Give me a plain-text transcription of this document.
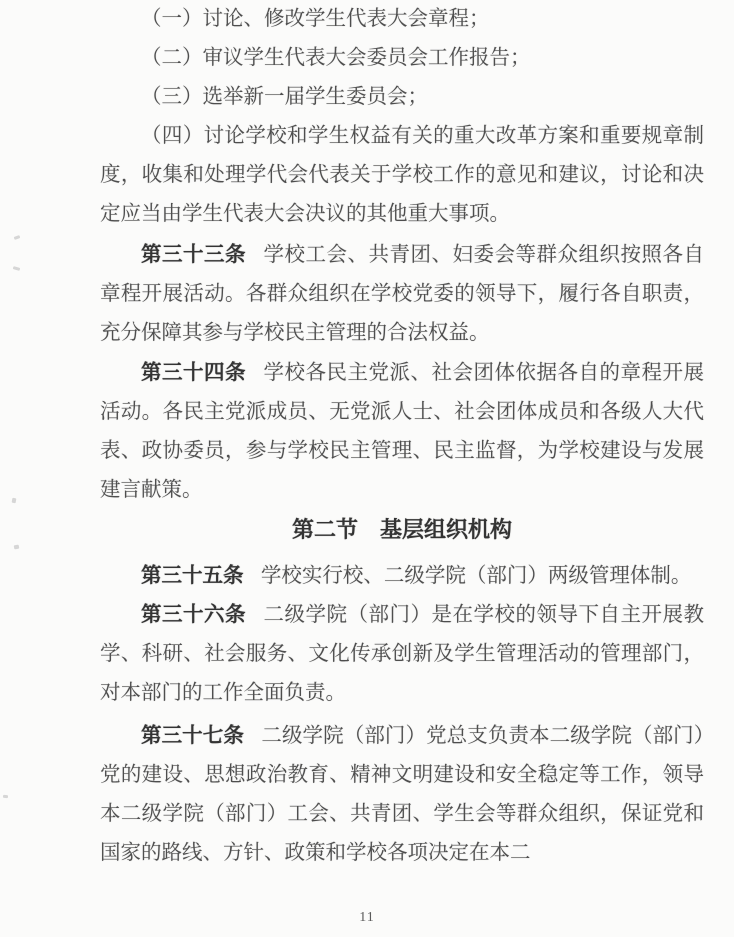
（一）讨论、修改学生代表大会章程；

（二）审议学生代表大会委员会工作报告；

（三）选举新一届学生委员会；

（四）讨论学校和学生权益有关的重大改革方案和重要规章制度，收集和处理学代会代表关于学校工作的意见和建议，讨论和决定应当由学生代表大会决议的其他重大事项。

第三十三条 学校工会、共青团、妇委会等群众组织按照各自章程开展活动。各群众组织在学校党委的领导下，履行各自职责，充分保障其参与学校民主管理的合法权益。

第三十四条 学校各民主党派、社会团体依据各自的章程开展活动。各民主党派成员、无党派人士、社会团体成员和各级人大代表、政协委员，参与学校民主管理、民主监督，为学校建设与发展建言献策。

第二节　基层组织机构

第三十五条 学校实行校、二级学院（部门）两级管理体制。

第三十六条 二级学院（部门）是在学校的领导下自主开展教学、科研、社会服务、文化传承创新及学生管理活动的管理部门，对本部门的工作全面负责。

第三十七条 二级学院（部门）党总支负责本二级学院（部门）党的建设、思想政治教育、精神文明建设和安全稳定等工作，领导本二级学院（部门）工会、共青团、学生会等群众组织，保证党和国家的路线、方针、政策和学校各项决定在本二

11
